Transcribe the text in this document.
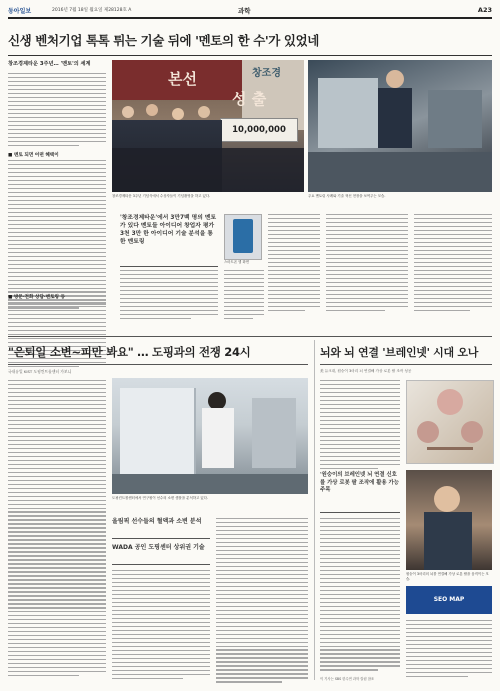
동아일보	2016년 7월 18일 월요일 제28128호 A	과학	A23
신생 벤처기업 톡톡 튀는 기술 뒤에 '멘토의 한 수'가 있었네
창조경제타운 3주년… '멘토'의 세계
■ 멘토 되면 어떤 혜택이
■ 방문·전화 상담·멘토링 등
창조경
본선
성 출
10,000,000
창조경제타운 3주년 기념식에서 수상자들이 기념촬영을 하고 있다.	주요 멘토링 사례와 기술 혁신 현장을 보여주는 모습.
'창조경제타운'에서 3만7백 명의 멘토 가 있다 멘토들 아이디어 창업자 평가 3천 3만 한 아이디어 기술 분석을 통한 멘토링
스마트폰 앱 화면
"은퇴일 소변~피만 봐요" … 도핑과의 전쟁 24시
국내유일 KIST 도핑컨트롤센터 가보니
도핑컨트롤센터에서 연구원이 선수의 소변 샘플을 분석하고 있다.
올림픽 선수들의 혈액과 소변 분석
WADA 공인 도핑센터 상위권 기술
뇌와 뇌 연결 '브레인넷' 시대 오나
美 듀크대, 원숭이 3마리 뇌 연결해 가상 로봇 팔 조작 성공
'원숭이의 브레인넷 뇌 연결 신호를 가상 로봇 팔 조작에 활용 가능 주목
원숭이 3마리의 뇌를 연결해 가상 로봇 팔을 움직이는 모습.
SEO MAP
이 기사는 SBS 한수연 과학 칼럼 참조
